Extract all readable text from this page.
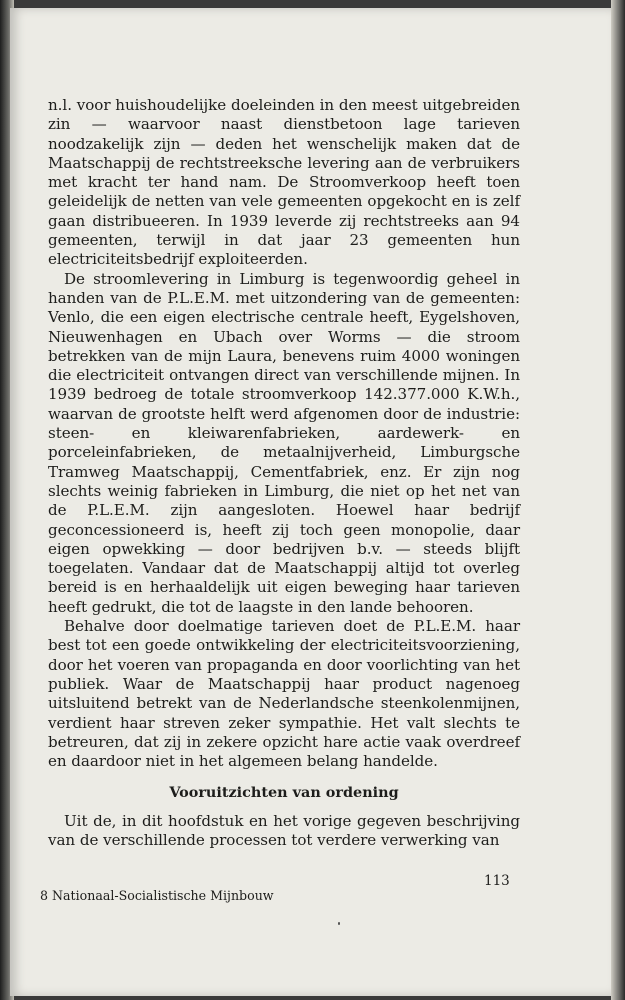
n.l. voor huishoudelijke doeleinden in den meest uitgebreiden zin — waarvoor naast dienstbetoon lage tarieven noodzakelijk zijn — deden het wenschelijk maken dat de Maatschappij de rechtstreeksche levering aan de verbruikers met kracht ter hand nam. De Stroomverkoop heeft toen geleidelijk de netten van vele gemeenten opgekocht en is zelf gaan distribueeren. In 1939 leverde zij rechtstreeks aan 94 gemeenten, terwijl in dat jaar 23 gemeenten hun electriciteitsbedrijf exploiteerden.

De stroomlevering in Limburg is tegenwoordig geheel in handen van de P.L.E.M. met uitzondering van de gemeenten: Venlo, die een eigen electrische centrale heeft, Eygelshoven, Nieuwenhagen en Ubach over Worms — die stroom betrekken van de mijn Laura, benevens ruim 4000 woningen die electriciteit ontvangen direct van verschillende mijnen. In 1939 bedroeg de totale stroomverkoop 142.377.000 K.W.h., waarvan de grootste helft werd afgenomen door de industrie: steen- en kleiwarenfabrieken, aardewerk- en porceleinfabrieken, de metaalnijverheid, Limburgsche Tramweg Maatschappij, Cementfabriek, enz. Er zijn nog slechts weinig fabrieken in Limburg, die niet op het net van de P.L.E.M. zijn aangesloten. Hoewel haar bedrijf geconcessioneerd is, heeft zij toch geen monopolie, daar eigen opwekking — door bedrijven b.v. — steeds blijft toegelaten. Vandaar dat de Maatschappij altijd tot overleg bereid is en herhaaldelijk uit eigen beweging haar tarieven heeft gedrukt, die tot de laagste in den lande behooren.

Behalve door doelmatige tarieven doet de P.L.E.M. haar best tot een goede ontwikkeling der electriciteitsvoorziening, door het voeren van propaganda en door voorlichting van het publiek. Waar de Maatschappij haar product nagenoeg uitsluitend betrekt van de Nederlandsche steenkolenmijnen, verdient haar streven zeker sympathie. Het valt slechts te betreuren, dat zij in zekere opzicht hare actie vaak overdreef en daardoor niet in het algemeen belang handelde.

Vooruitzichten van ordening

Uit de, in dit hoofdstuk en het vorige gegeven beschrijving van de verschillende processen tot verdere verwerking van

113
8 Nationaal-Socialistische Mijnbouw
